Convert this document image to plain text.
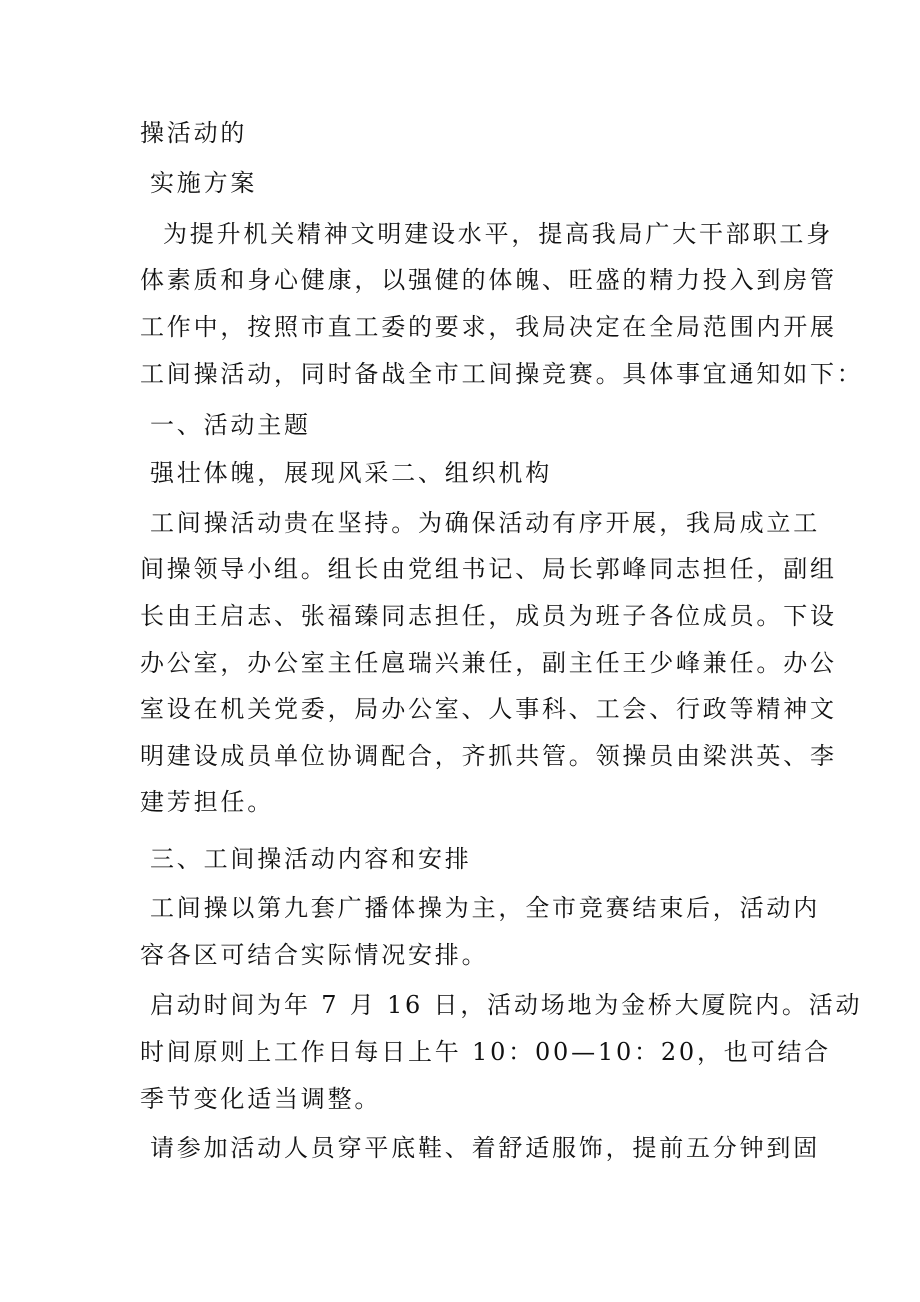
操活动的
实施方案
为提升机关精神文明建设水平，提高我局广大干部职工身
体素质和身心健康，以强健的体魄、旺盛的精力投入到房管
工作中，按照市直工委的要求，我局决定在全局范围内开展
工间操活动，同时备战全市工间操竞赛。具体事宜通知如下：
一、活动主题
强壮体魄，展现风采二、组织机构
工间操活动贵在坚持。为确保活动有序开展，我局成立工
间操领导小组。组长由党组书记、局长郭峰同志担任，副组
长由王启志、张福臻同志担任，成员为班子各位成员。下设
办公室，办公室主任扈瑞兴兼任，副主任王少峰兼任。办公
室设在机关党委，局办公室、人事科、工会、行政等精神文
明建设成员单位协调配合，齐抓共管。领操员由梁洪英、李
建芳担任。
三、工间操活动内容和安排
工间操以第九套广播体操为主，全市竞赛结束后，活动内
容各区可结合实际情况安排。
启动时间为年 7 月 16 日，活动场地为金桥大厦院内。活动
时间原则上工作日每日上午 10：00—10：20，也可结合
季节变化适当调整。
请参加活动人员穿平底鞋、着舒适服饰，提前五分钟到固
